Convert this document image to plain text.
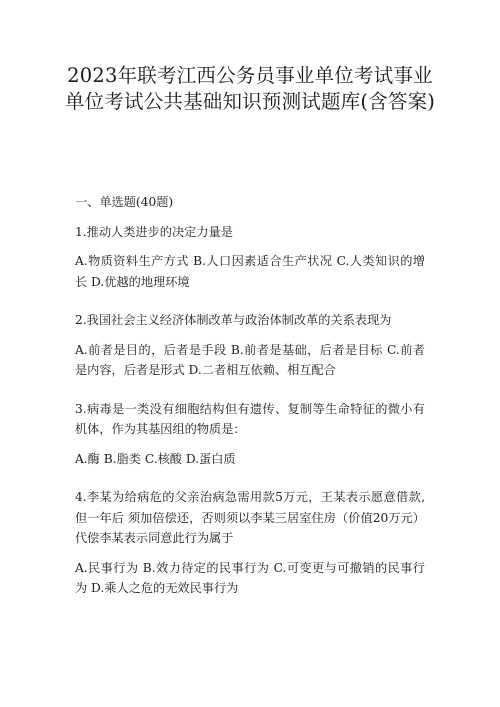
2023年联考江西公务员事业单位考试事业单位考试公共基础知识预测试题库(含答案)

一、单选题(40题)

1.推动人类进步的决定力量是

A.物质资料生产方式 B.人口因素适合生产状况 C.人类知识的增长 D.优越的地理环境

2.我国社会主义经济体制改革与政治体制改革的关系表现为

A.前者是目的，后者是手段 B.前者是基础，后者是目标 C.前者是内容，后者是形式 D.二者相互依赖、相互配合

3.病毒是一类没有细胞结构但有遗传、复制等生命特征的微小有机体，作为其基因组的物质是：

A.酶 B.脂类 C.核酸 D.蛋白质

4.李某为给病危的父亲治病急需用款5万元，王某表示愿意借款,但一年后 须加倍偿还，否则须以李某三居室住房（价值20万元）代偿李某表示同意此行为属于

A.民事行为 B.效力待定的民事行为 C.可变更与可撤销的民事行为 D.乘人之危的无效民事行为
